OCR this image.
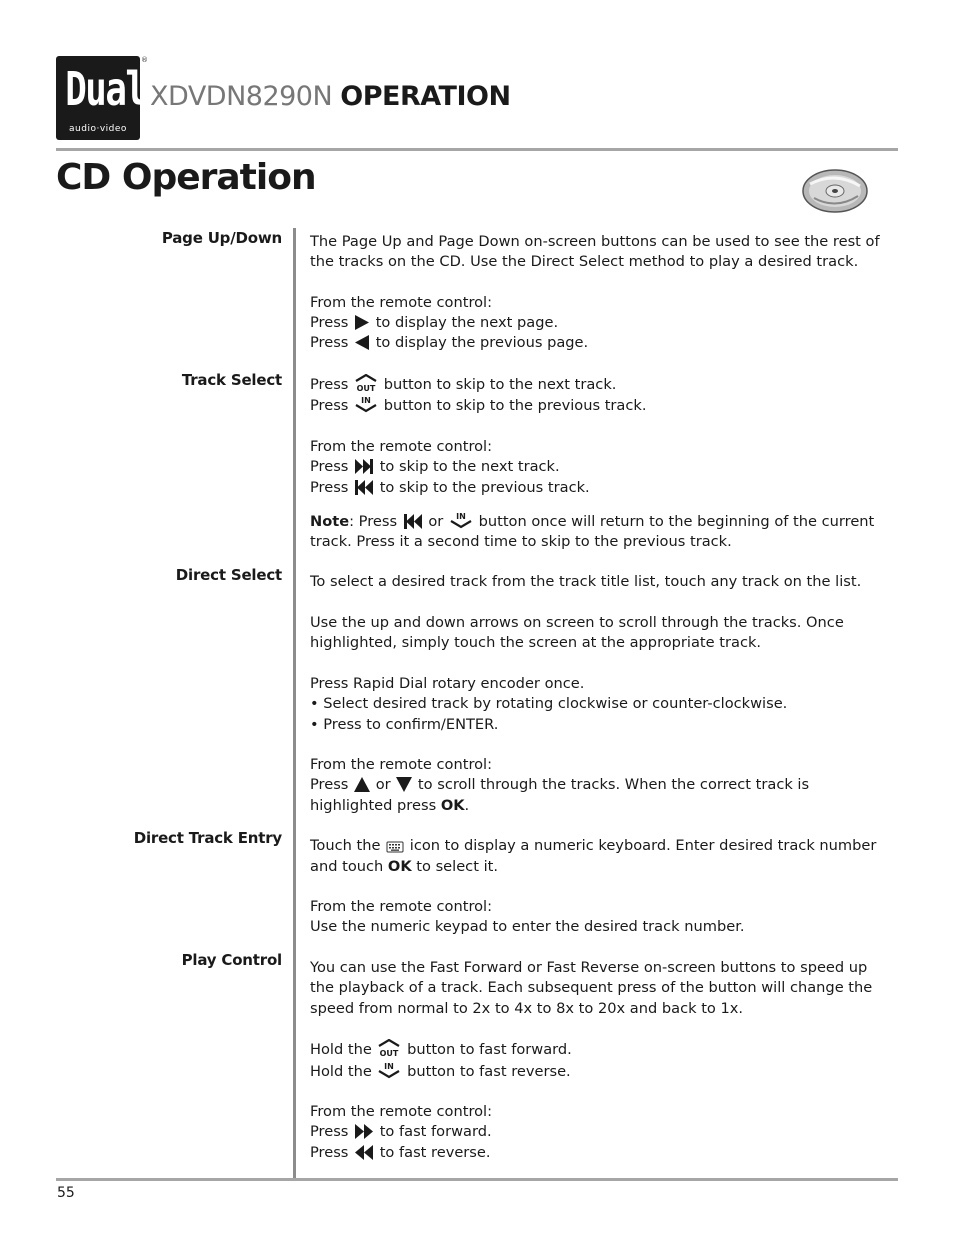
Dual
audio·video
®
XDVDN8290N OPERATION
CD Operation
Page Up/Down
Track Select
Direct Select
Direct Track Entry
Play Control

The Page Up and Page Down on-screen buttons can be used to see the rest of
the tracks on the CD. Use the Direct Select method to play a desired track.

From the remote control:
Press to display the next page.
Press to display the previous page.

Press OUT button to skip to the next track.
Press IN button to skip to the previous track.

From the remote control:
Press to skip to the next track.
Press to skip to the previous track.

Note: Press or IN button once will return to the beginning of the current
track. Press it a second time to skip to the previous track.

To select a desired track from the track title list, touch any track on the list.

Use the up and down arrows on screen to scroll through the tracks. Once
highlighted, simply touch the screen at the appropriate track.

Press Rapid Dial rotary encoder once.
• Select desired track by rotating clockwise or counter-clockwise.
• Press to confirm/ENTER.

From the remote control:
Press or to scroll through the tracks. When the correct track is
highlighted press OK.

Touch the icon to display a numeric keyboard. Enter desired track number
and touch OK to select it.

From the remote control:
Use the numeric keypad to enter the desired track number.

You can use the Fast Forward or Fast Reverse on-screen buttons to speed up
the playback of a track. Each subsequent press of the button will change the
speed from normal to 2x to 4x to 8x to 20x and back to 1x.

Hold the OUT button to fast forward.
Hold the IN button to fast reverse.

From the remote control:
Press to fast forward.
Press to fast reverse.

55
